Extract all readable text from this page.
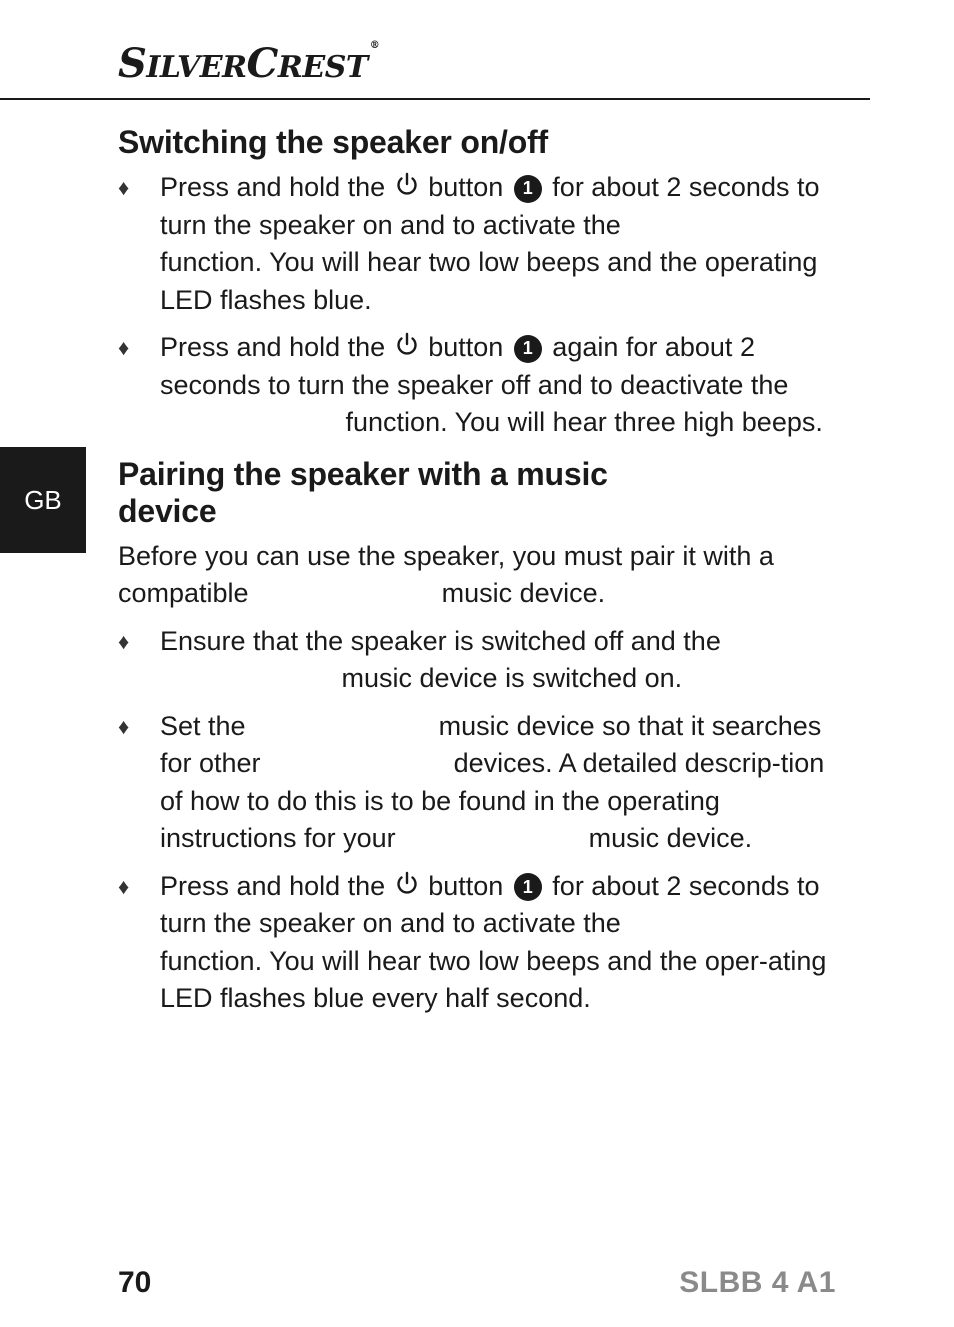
SILVERCREST®
GB
Switching the speaker on/off
♦ Press and hold the button 1 for about 2 seconds to turn the speaker on and to activate the
function. You will hear two low beeps and the operating LED flashes blue.
♦ Press and hold the button 1 again for about 2 seconds to turn the speaker off and to deactivate the  function. You will hear three high beeps.
Pairing the speaker with a music device
Before you can use the speaker, you must pair it with a compatible	music device.
♦ Ensure that the speaker is switched off and the
music device is switched on.
♦ Set the	music device so that it searches for other	devices. A detailed descrip-tion of how to do this is to be found in the operating instructions for your	music device.
♦ Press and hold the button 1 for about 2 seconds to turn the speaker on and to activate the
function. You will hear two low beeps and the oper-ating LED flashes blue every half second.
70	SLBB 4 A1
